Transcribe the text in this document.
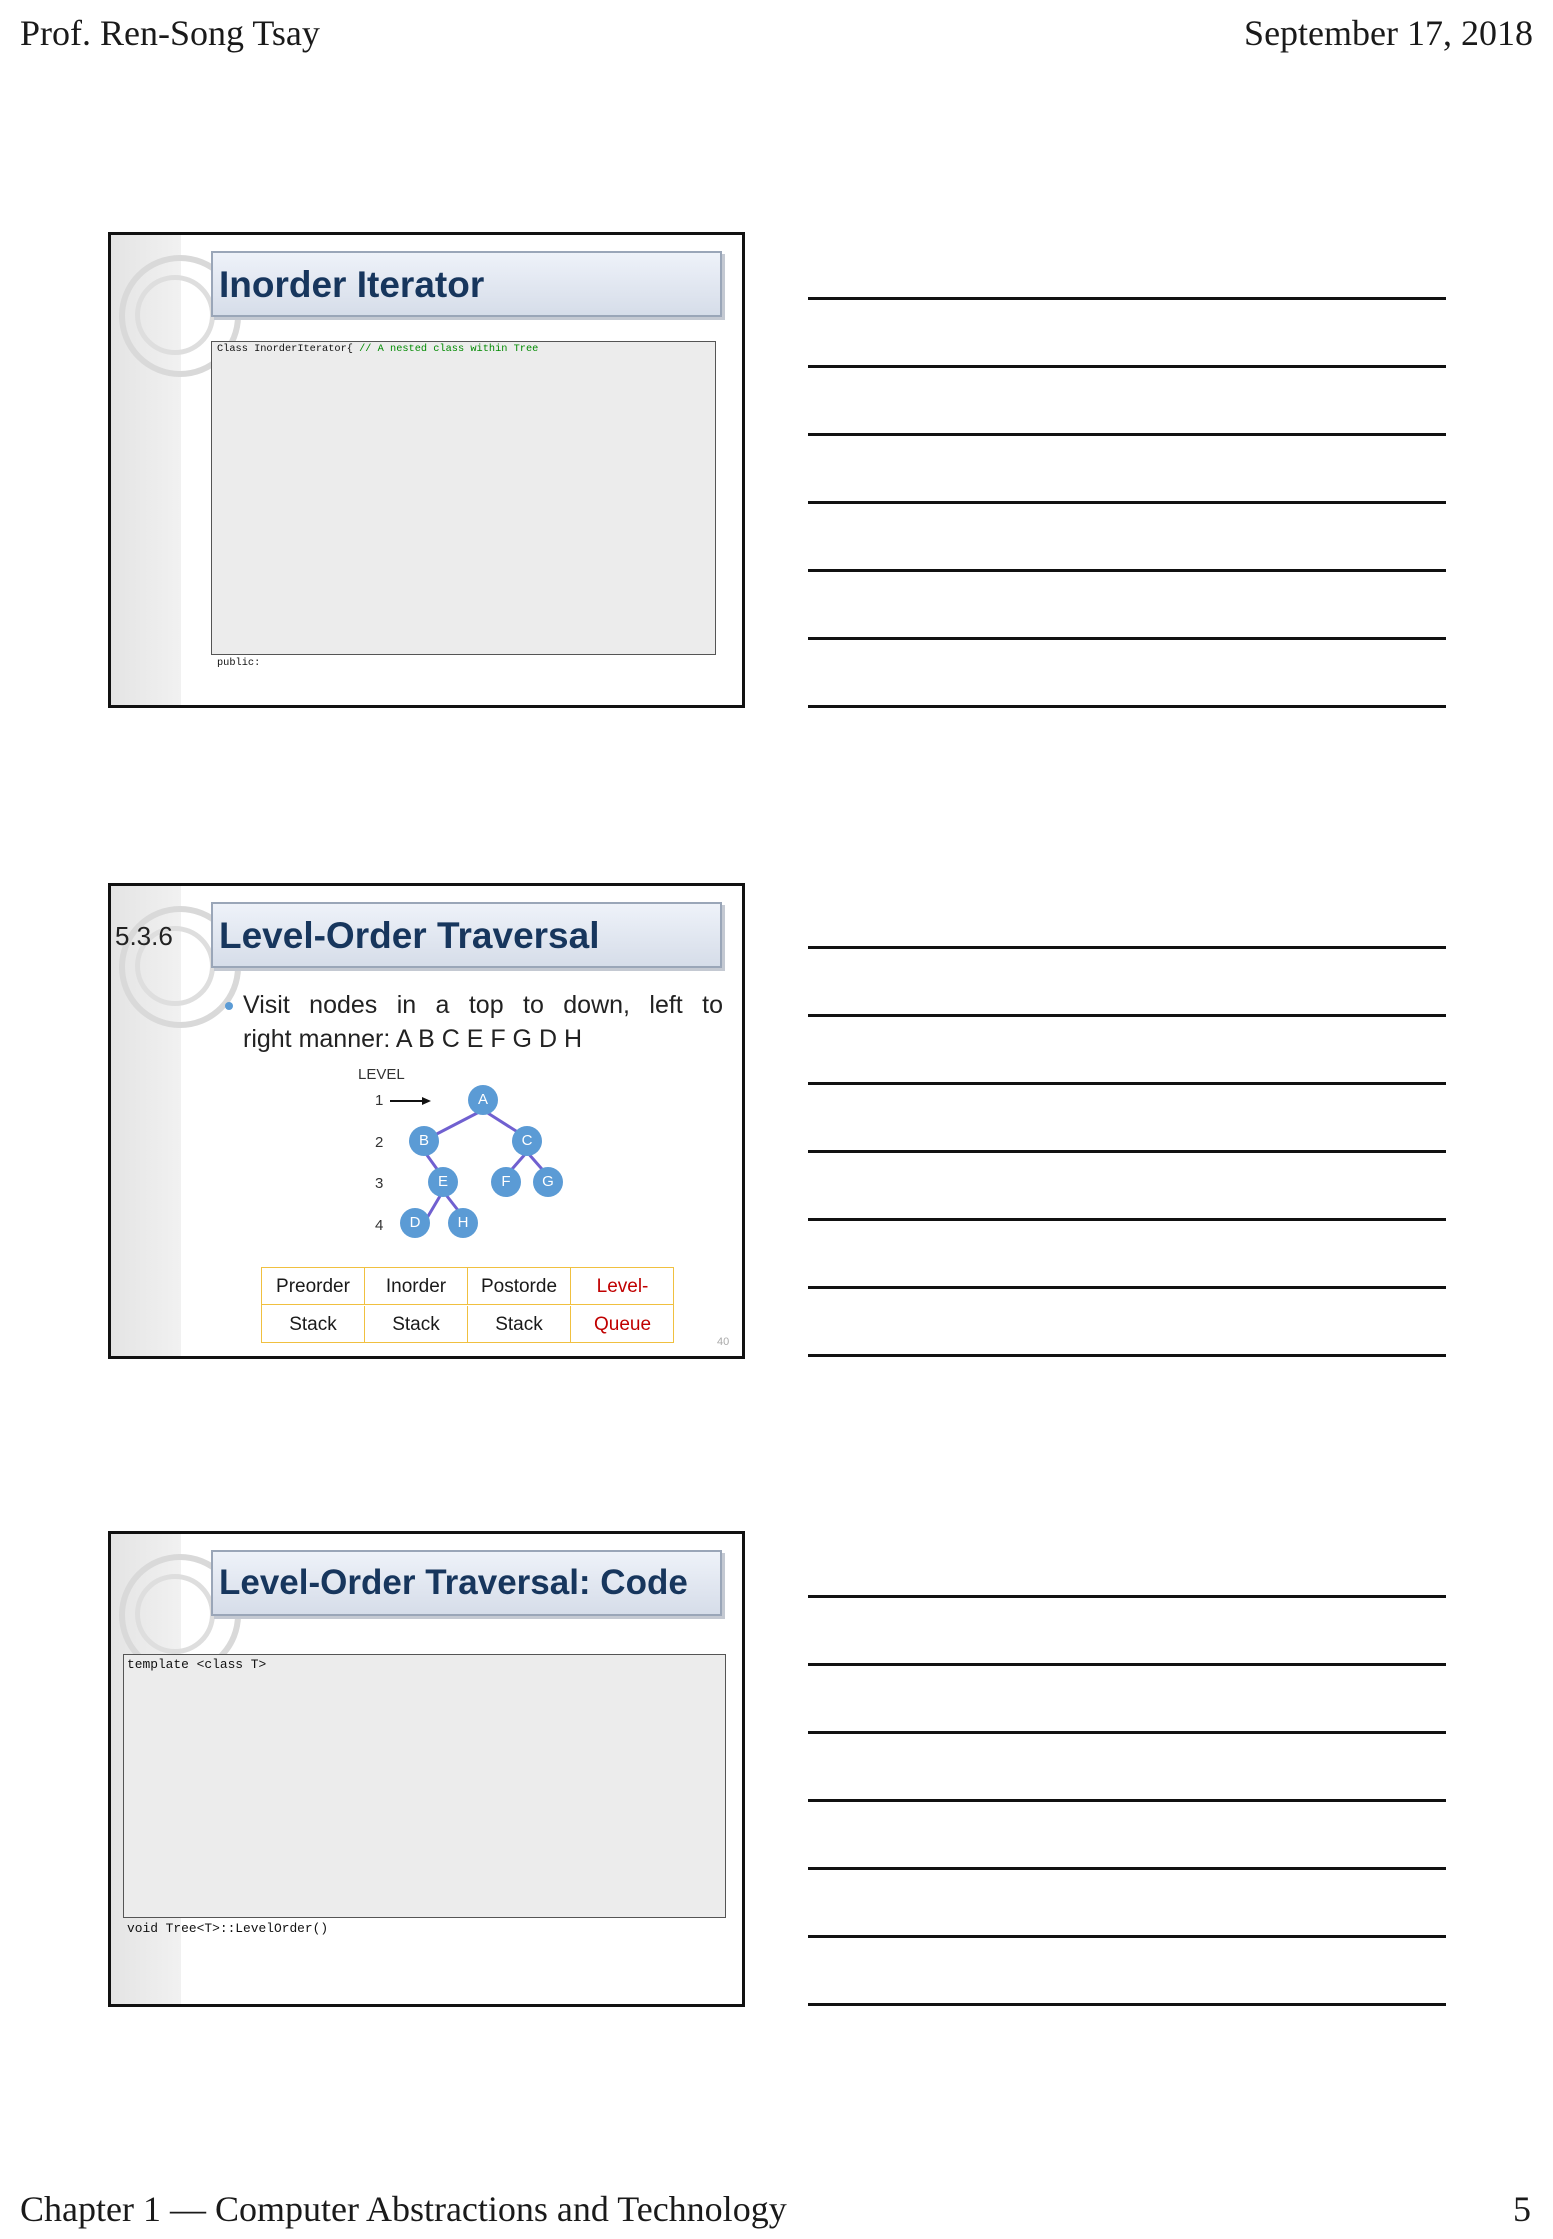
Prof. Ren-Song Tsay	September 17, 2018
Inorder Iterator
Class InorderIterator{ // A nested class within Tree
public:
5.3.6 Level-Order Traversal
Visit nodes in a top to down, left to
right manner: A B C E F G D H
LEVEL
1
2
3
4
A
B	C
E	F	G
D	H
Preorder	Inorder	Postorde	Level-
Stack	Stack	Stack	Queue
40
Level-Order Traversal: Code
template <class T>
void Tree<T>::LevelOrder()
Chapter 1 — Computer Abstractions and Technology	5
